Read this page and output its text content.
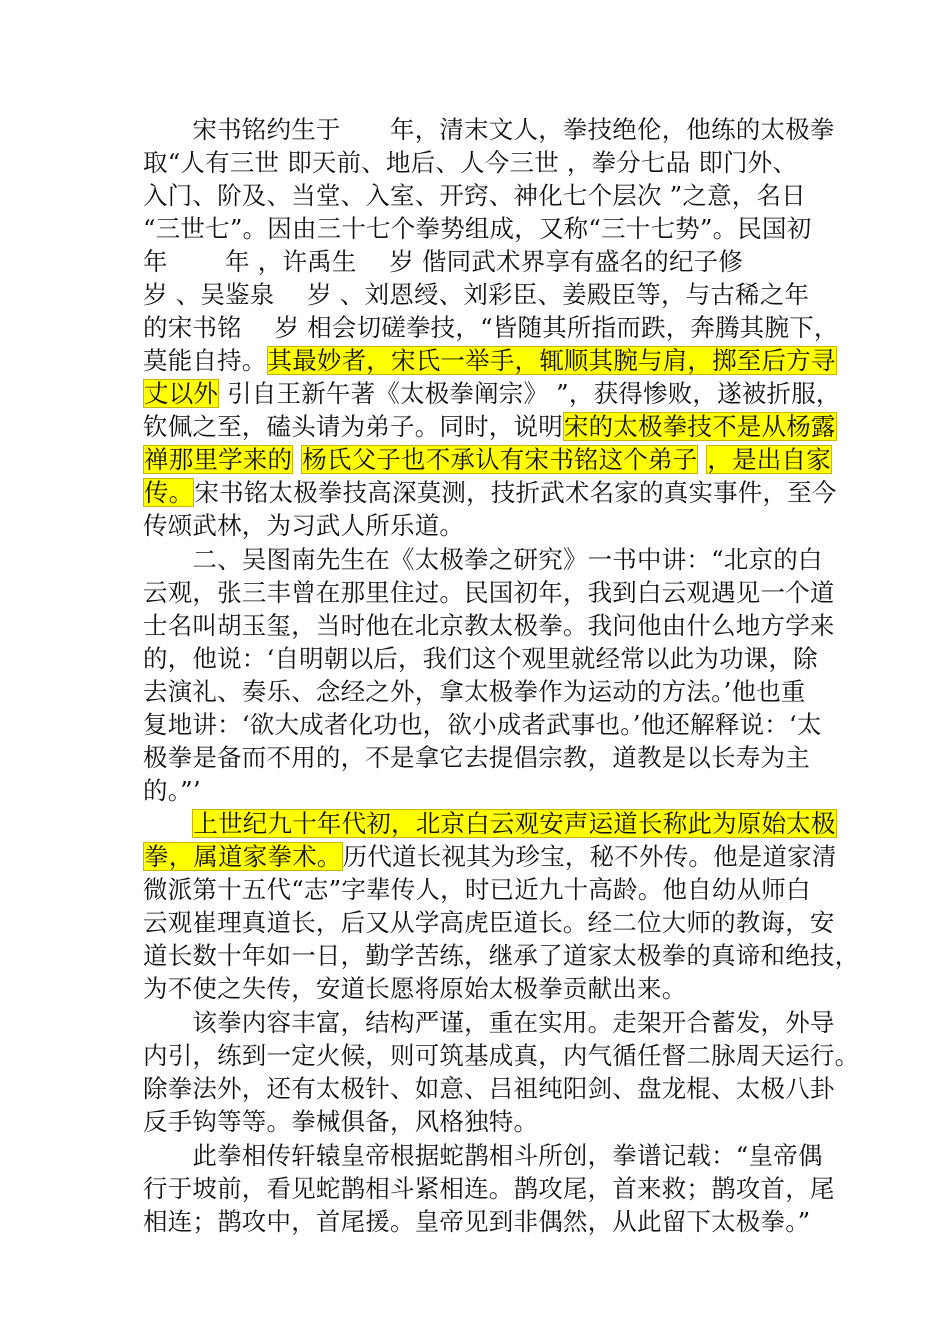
　　宋书铭约生于　　年，清末文人，拳技绝伦，他练的太极拳
取“人有三世 即天前、地后、人今三世 ，拳分七品 即门外、
入门、阶及、当堂、入室、开窍、神化七个层次 ”之意，名日
“三世七”。因由三十七个拳势组成，又称“三十七势”。民国初
年　　 年 ，许禹生　 岁 偕同武术界享有盛名的纪子修
岁 、吴鉴泉　 岁 、刘恩绶、刘彩臣、姜殿臣等，与古稀之年
的宋书铭　 岁 相会切磋拳技，“皆随其所指而跌，奔腾其腕下，
莫能自持。其最妙者，宋氏一举手，辄顺其腕与肩，掷至后方寻
丈以外 引自王新午著《太极拳阐宗》 ”，获得惨败，遂被折服，
钦佩之至，磕头请为弟子。同时，说明宋的太极拳技不是从杨露
禅那里学来的 杨氏父子也不承认有宋书铭这个弟子 ，是出自家
传。宋书铭太极拳技高深莫测，技折武术名家的真实事件，至今
传颂武林，为习武人所乐道。
　　二、吴图南先生在《太极拳之研究》一书中讲：“北京的白
云观，张三丰曾在那里住过。民国初年，我到白云观遇见一个道
士名叫胡玉玺，当时他在北京教太极拳。我问他由什么地方学来
的，他说：‘自明朝以后，我们这个观里就经常以此为功课，除
去演礼、奏乐、念经之外，拿太极拳作为运动的方法。’他也重
复地讲：‘欲大成者化功也，欲小成者武事也。’他还解释说：‘太
极拳是备而不用的，不是拿它去提倡宗教，道教是以长寿为主
的。”’
　　上世纪九十年代初，北京白云观安声运道长称此为原始太极
拳，属道家拳术。历代道长视其为珍宝，秘不外传。他是道家清
微派第十五代“志”字辈传人，时已近九十高龄。他自幼从师白
云观崔理真道长，后又从学高虎臣道长。经二位大师的教诲，安
道长数十年如一日，勤学苦练，继承了道家太极拳的真谛和绝技，
为不使之失传，安道长愿将原始太极拳贡献出来。
　　该拳内容丰富，结构严谨，重在实用。走架开合蓄发，外导
内引，练到一定火候，则可筑基成真，内气循任督二脉周天运行。
除拳法外，还有太极针、如意、吕祖纯阳剑、盘龙棍、太极八卦
反手钩等等。拳械俱备，风格独特。
　　此拳相传轩辕皇帝根据蛇鹊相斗所创，拳谱记载：“皇帝偶
行于坡前，看见蛇鹊相斗紧相连。鹊攻尾，首来救；鹊攻首，尾
相连；鹊攻中，首尾援。皇帝见到非偶然，从此留下太极拳。”
